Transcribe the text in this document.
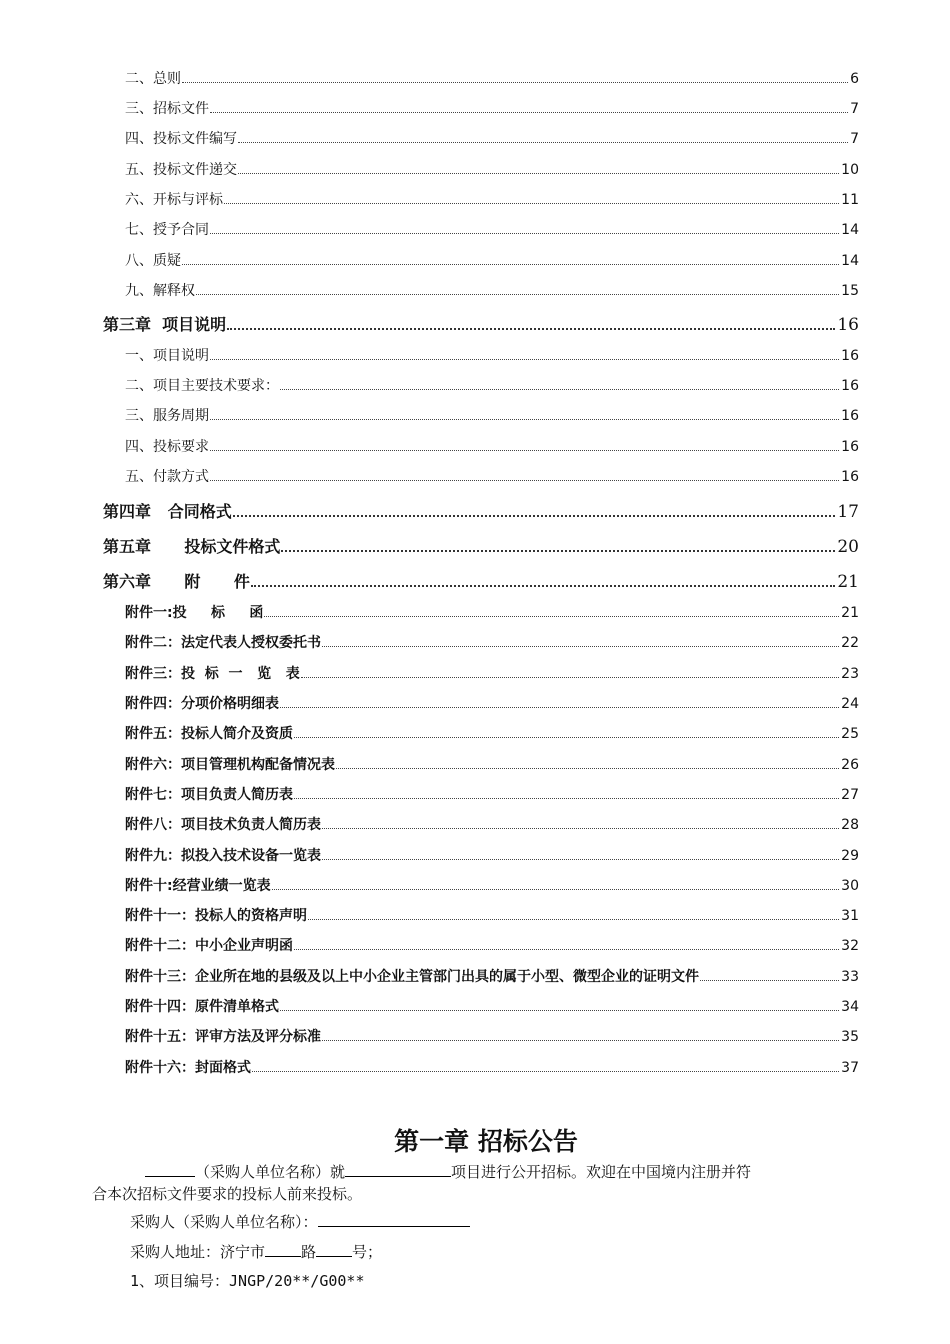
二、总则	6
三、招标文件	7
四、投标文件编写	7
五、投标文件递交	10
六、开标与评标	11
七、授予合同	14
八、质疑	14
九、解释权	15
第三章  项目说明	16
一、项目说明	16
二、项目主要技术要求：	16
三、服务周期	16
四、投标要求	16
五、付款方式	16
第四章   合同格式	17
第五章      投标文件格式	20
第六章      附      件	21
附件一:投     标     函	21
附件二：法定代表人授权委托书	22
附件三：投  标  一   览   表	23
附件四：分项价格明细表	24
附件五：投标人简介及资质	25
附件六：项目管理机构配备情况表	26
附件七：项目负责人简历表	27
附件八：项目技术负责人简历表	28
附件九：拟投入技术设备一览表	29
附件十:经营业绩一览表	30
附件十一：投标人的资格声明	31
附件十二：中小企业声明函	32
附件十三：企业所在地的县级及以上中小企业主管部门出具的属于小型、微型企业的证明文件	33
附件十四：原件清单格式	34
附件十五：评审方法及评分标准	35
附件十六：封面格式	37
第一章 招标公告
（采购人单位名称）就	项目进行公开招标。欢迎在中国境内注册并符
合本次招标文件要求的投标人前来投标。
采购人（采购人单位名称）：
采购人地址：济宁市 路 号；
1、项目编号：JNGP/20**/G00**
